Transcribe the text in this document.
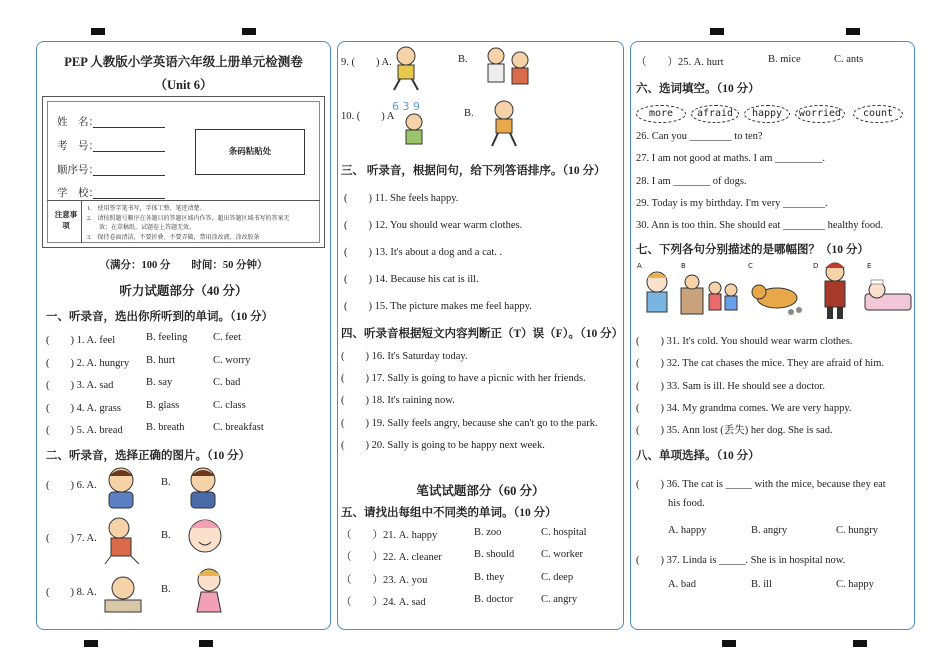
PEP 人教版小学英语六年级上册单元检测卷
（Unit 6）
姓　名：
考　号：
顺序号：
学　校：
条码粘贴处
注意事项
1.　使用签字笔书写，字体工整、笔迹清楚。
2.　请按照题号顺序在各题目的答题区域内作答，超出答题区域书写的答案无
　　效；在草稿纸、试题卷上答题无效。
3.　保持卷面清洁，不要折叠、不要弄破，禁用涂改液，涂改胶条
（满分：100 分　　时间：50 分钟）
听力试题部分（40 分）
一、听录音，选出你所听到的单词。（10 分）
(　　) 1. A. feel	B. feeling C. feet
(　　) 2. A. hungry B. hurt	C. worry
(　　) 3. A. sad	B. say	C. bad
(　　) 4. A. grass B. glass	C. class
(　　) 5. A. bread B. breath	C. breakfast
二、听录音，选择正确的图片。（10 分）
(　　) 6. A.	B.
(　　) 7. A.	B.
(　　) 8. A.	B.
9. (　　) A.	B.
10. (　　) A
6 3 9
B.
三、 听录音，根据问句，给下列答语排序。（10 分）
(　　) 11. She feels happy.
(　　) 12. You should wear warm clothes.
(　　) 13. It's about a dog and a cat. .
(　　) 14. Because his cat is ill.
(　　) 15. The picture makes me feel happy.
四、听录音根据短文内容判断正（T）误（F）。（10 分）
(　　) 16. It's Saturday today.
(　　) 17. Sally is going to have a picnic with her friends.
(　　) 18. It's raining now.
(　　) 19. Sally feels angry, because she can't go to the park.
(　　) 20. Sally is going to be happy next week.
笔试试题部分（60 分）
五、请找出每组中不同类的单词。（10 分）
（　　）21. A. happy	B. zoo	C. hospital
（　　）22. A. cleaner	B. should	C. worker
（　　）23. A. you	B. they	C. deep
（　　）24. A. sad	B. doctor	C. angry
（　　）25. A. hurt	B. mice	C. ants
六、选词填空。（10 分）
more	afraid	happy	worried	count
26. Can you ________ to ten?
27. I am not good at maths. I am _________.
28. I am _______ of dogs.
29. Today is my birthday. I'm very ________.
30. Ann is too thin. She should eat ________ healthy food.
七、下列各句分别描述的是哪幅图？（10 分）
A	B	C	D	E
(　　) 31. It's cold. You should wear warm clothes.
(　　) 32. The cat chases the mice. They are afraid of him.
(　　) 33. Sam is ill. He should see a doctor.
(　　) 34. My grandma comes. We are very happy.
(　　) 35. Ann lost (丢失) her dog. She is sad.
八、单项选择。（10 分）
(　　) 36. The cat is _____ with the mice, because they eat
his food.
A. happy	B. angry	C. hungry
(　　) 37. Linda is _____. She is in hospital now.
A. bad	B. ill	C. happy
